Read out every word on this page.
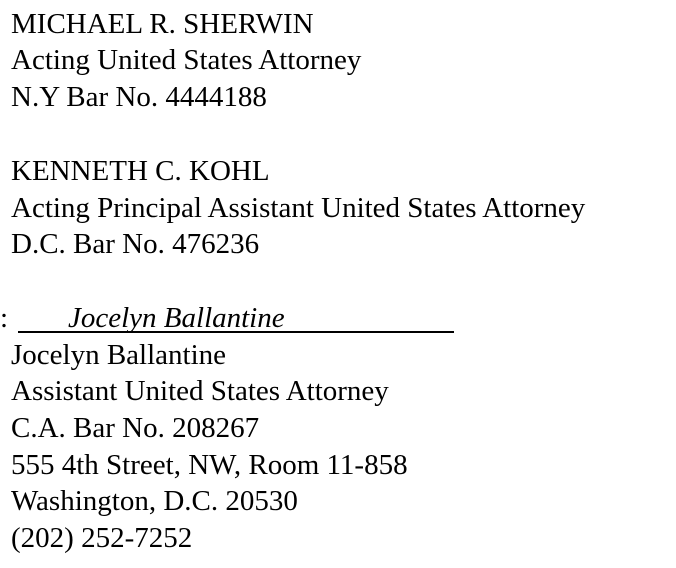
MICHAEL R. SHERWIN
Acting United States Attorney
N.Y Bar No. 4444188
KENNETH C. KOHL
Acting Principal Assistant United States Attorney
D.C. Bar No. 476236
: Jocelyn Ballantine
Jocelyn Ballantine
Assistant United States Attorney
C.A. Bar No. 208267
555 4th Street, NW, Room 11-858
Washington, D.C. 20530
(202) 252-7252
